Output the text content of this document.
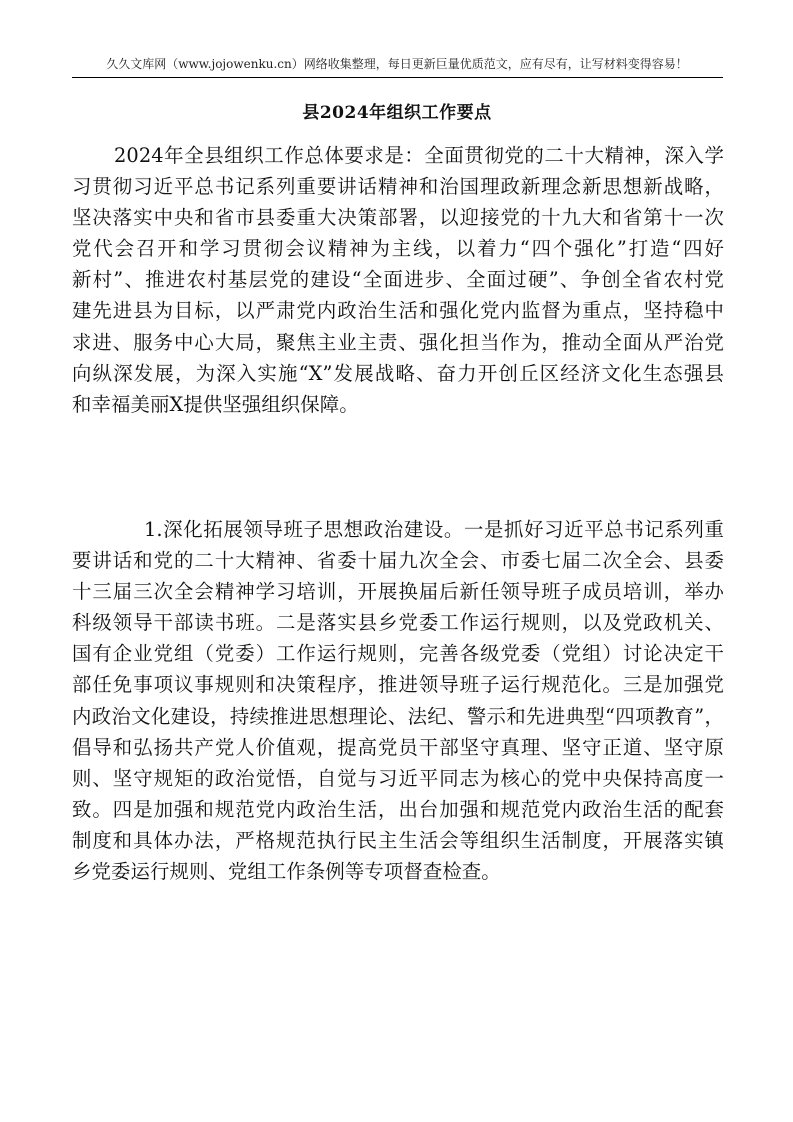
久久文库网（www.jojowenku.cn）网络收集整理，每日更新巨量优质范文，应有尽有，让写材料变得容易！
县2024年组织工作要点
2024年全县组织工作总体要求是：全面贯彻党的二十大精神，深入学
习贯彻习近平总书记系列重要讲话精神和治国理政新理念新思想新战略，
坚决落实中央和省市县委重大决策部署，以迎接党的十九大和省第十一次
党代会召开和学习贯彻会议精神为主线，以着力“四个强化”打造“四好
新村”、推进农村基层党的建设“全面进步、全面过硬”、争创全省农村党
建先进县为目标，以严肃党内政治生活和强化党内监督为重点，坚持稳中
求进、服务中心大局，聚焦主业主责、强化担当作为，推动全面从严治党
向纵深发展，为深入实施“X”发展战略、奋力开创丘区经济文化生态强县
和幸福美丽X提供坚强组织保障。
1.深化拓展领导班子思想政治建设。一是抓好习近平总书记系列重
要讲话和党的二十大精神、省委十届九次全会、市委七届二次全会、县委
十三届三次全会精神学习培训，开展换届后新任领导班子成员培训，举办
科级领导干部读书班。二是落实县乡党委工作运行规则，以及党政机关、
国有企业党组（党委）工作运行规则，完善各级党委（党组）讨论决定干
部任免事项议事规则和决策程序，推进领导班子运行规范化。三是加强党
内政治文化建设，持续推进思想理论、法纪、警示和先进典型“四项教育”，
倡导和弘扬共产党人价值观，提高党员干部坚守真理、坚守正道、坚守原
则、坚守规矩的政治觉悟，自觉与习近平同志为核心的党中央保持高度一
致。四是加强和规范党内政治生活，出台加强和规范党内政治生活的配套
制度和具体办法，严格规范执行民主生活会等组织生活制度，开展落实镇
乡党委运行规则、党组工作条例等专项督查检查。
